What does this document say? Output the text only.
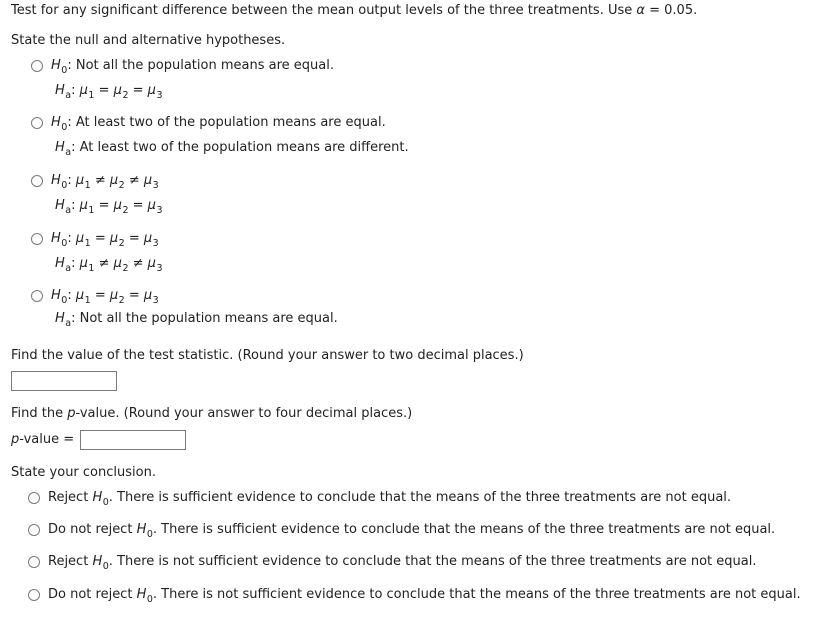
Test for any significant difference between the mean output levels of the three treatments. Use α = 0.05.
State the null and alternative hypotheses.
$H_0$: Not all the population means are equal.
$H_a$: $\mu_1 = \mu_2 = \mu_3$
$H_0$: At least two of the population means are equal.
$H_a$: At least two of the population means are different.
$H_0$: $\mu_1 \ne \mu_2 \ne \mu_3$
$H_a$: $\mu_1 = \mu_2 = \mu_3$
$H_0$: $\mu_1 = \mu_2 = \mu_3$
$H_a$: $\mu_1 \ne \mu_2 \ne \mu_3$
$H_0$: $\mu_1 = \mu_2 = \mu_3$
$H_a$: Not all the population means are equal.
Find the value of the test statistic. (Round your answer to two decimal places.)
Find the p-value. (Round your answer to four decimal places.)
p-value =
State your conclusion.
Reject $H_0$. There is sufficient evidence to conclude that the means of the three treatments are not equal.
Do not reject $H_0$. There is sufficient evidence to conclude that the means of the three treatments are not equal.
Reject $H_0$. There is not sufficient evidence to conclude that the means of the three treatments are not equal.
Do not reject $H_0$. There is not sufficient evidence to conclude that the means of the three treatments are not equal.
